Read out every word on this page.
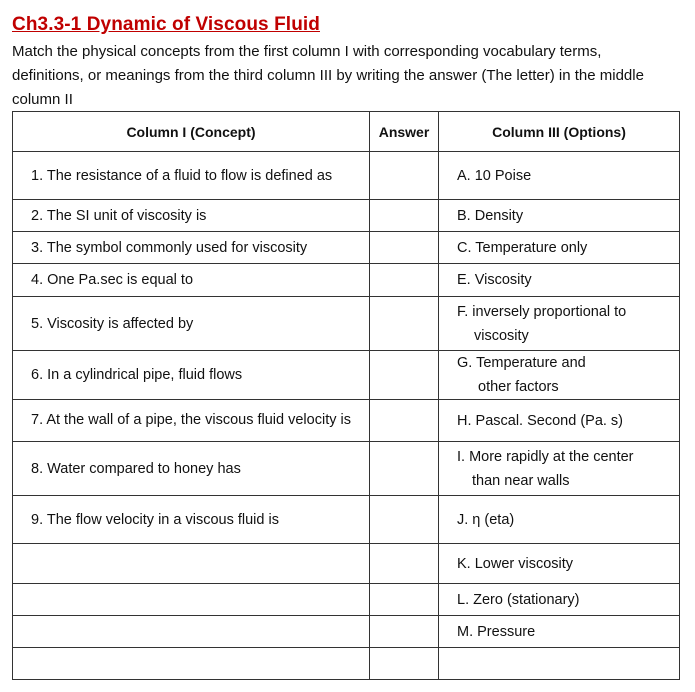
Ch3.3-1 Dynamic of Viscous Fluid
Match the physical concepts from the first column I with corresponding vocabulary terms, definitions, or meanings from the third column III by writing the answer (The letter) in the middle column II
Column I (Concept)	Answer	Column III (Options)
1. The resistance of a fluid to flow is defined as		A. 10 Poise
2. The SI unit of viscosity is		B. Density
3. The symbol commonly used for viscosity		C. Temperature only
4. One Pa.sec is equal to		E. Viscosity
5. Viscosity is affected by		F. inversely proportional to
viscosity

6. In a cylindrical pipe, fluid flows		G. Temperature and
other factors

7. At the wall of a pipe, the viscous fluid velocity is		H. Pascal. Second (Pa. s)
8. Water compared to honey has		I. More rapidly at the center
than near walls

9. The flow velocity in a viscous fluid is		J. η (eta)
		K. Lower viscosity
		L. Zero (stationary)
		M. Pressure
